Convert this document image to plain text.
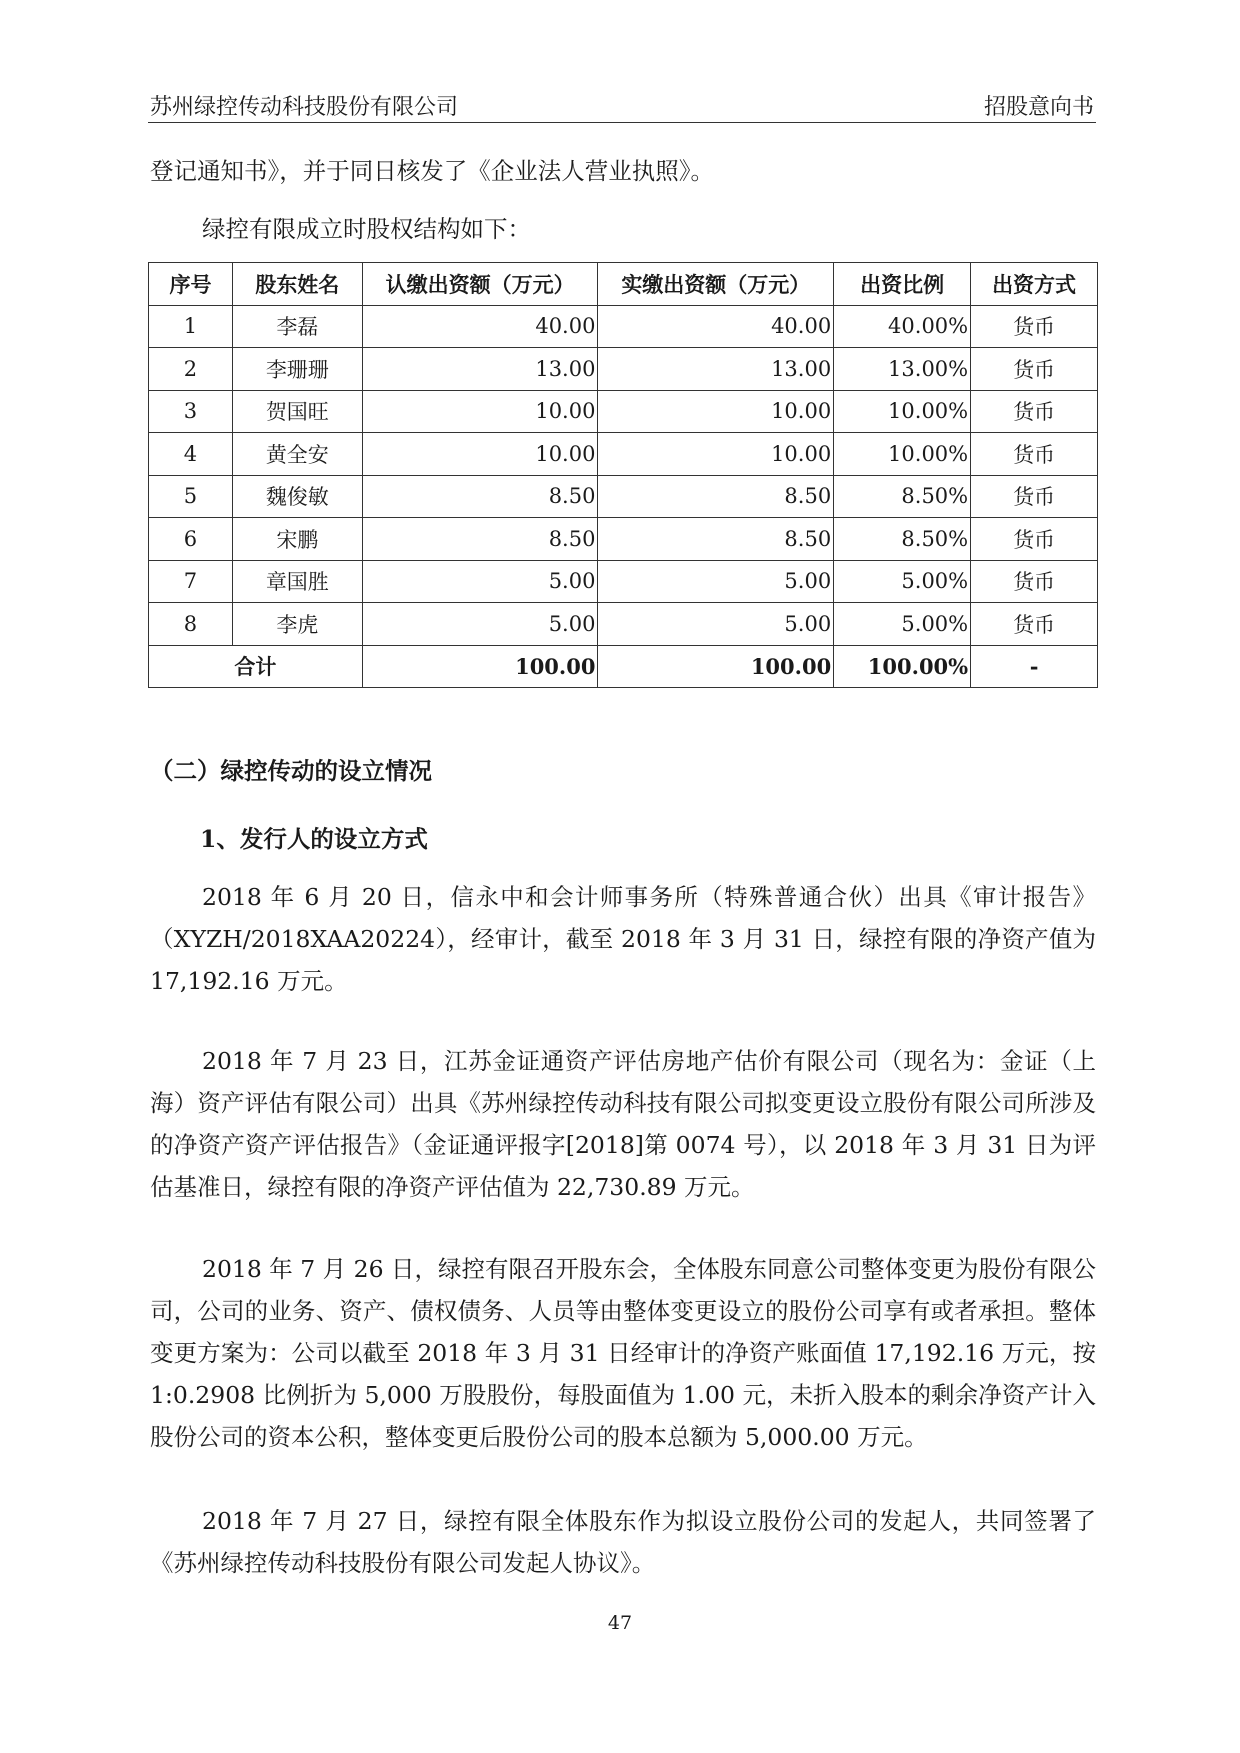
苏州绿控传动科技股份有限公司	招股意向书

登记通知书》，并于同日核发了《企业法人营业执照》。

绿控有限成立时股权结构如下：

序号	股东姓名	认缴出资额（万元）	实缴出资额（万元）	出资比例	出资方式
1	李磊	40.00	40.00	40.00%	货币
2	李珊珊	13.00	13.00	13.00%	货币
3	贺国旺	10.00	10.00	10.00%	货币
4	黄全安	10.00	10.00	10.00%	货币
5	魏俊敏	8.50	8.50	8.50%	货币
6	宋鹏	8.50	8.50	8.50%	货币
7	章国胜	5.00	5.00	5.00%	货币
8	李虎	5.00	5.00	5.00%	货币
合计		100.00	100.00	100.00%	-
（二）绿控传动的设立情况
1、发行人的设立方式

2018 年 6 月 20 日，信永中和会计师事务所（特殊普通合伙）出具《审计报告》（XYZH/2018XAA20224），经审计，截至 2018 年 3 月 31 日，绿控有限的净资产值为 17,192.16 万元。

2018 年 7 月 23 日，江苏金证通资产评估房地产估价有限公司（现名为：金证（上海）资产评估有限公司）出具《苏州绿控传动科技有限公司拟变更设立股份有限公司所涉及的净资产资产评估报告》（金证通评报字[2018]第 0074 号），以 2018 年 3 月 31 日为评估基准日，绿控有限的净资产评估值为 22,730.89 万元。

2018 年 7 月 26 日，绿控有限召开股东会，全体股东同意公司整体变更为股份有限公司，公司的业务、资产、债权债务、人员等由整体变更设立的股份公司享有或者承担。整体变更方案为：公司以截至 2018 年 3 月 31 日经审计的净资产账面值 17,192.16 万元，按 1:0.2908 比例折为 5,000 万股股份，每股面值为 1.00 元，未折入股本的剩余净资产计入股份公司的资本公积，整体变更后股份公司的股本总额为 5,000.00 万元。

2018 年 7 月 27 日，绿控有限全体股东作为拟设立股份公司的发起人，共同签署了《苏州绿控传动科技股份有限公司发起人协议》。

47
